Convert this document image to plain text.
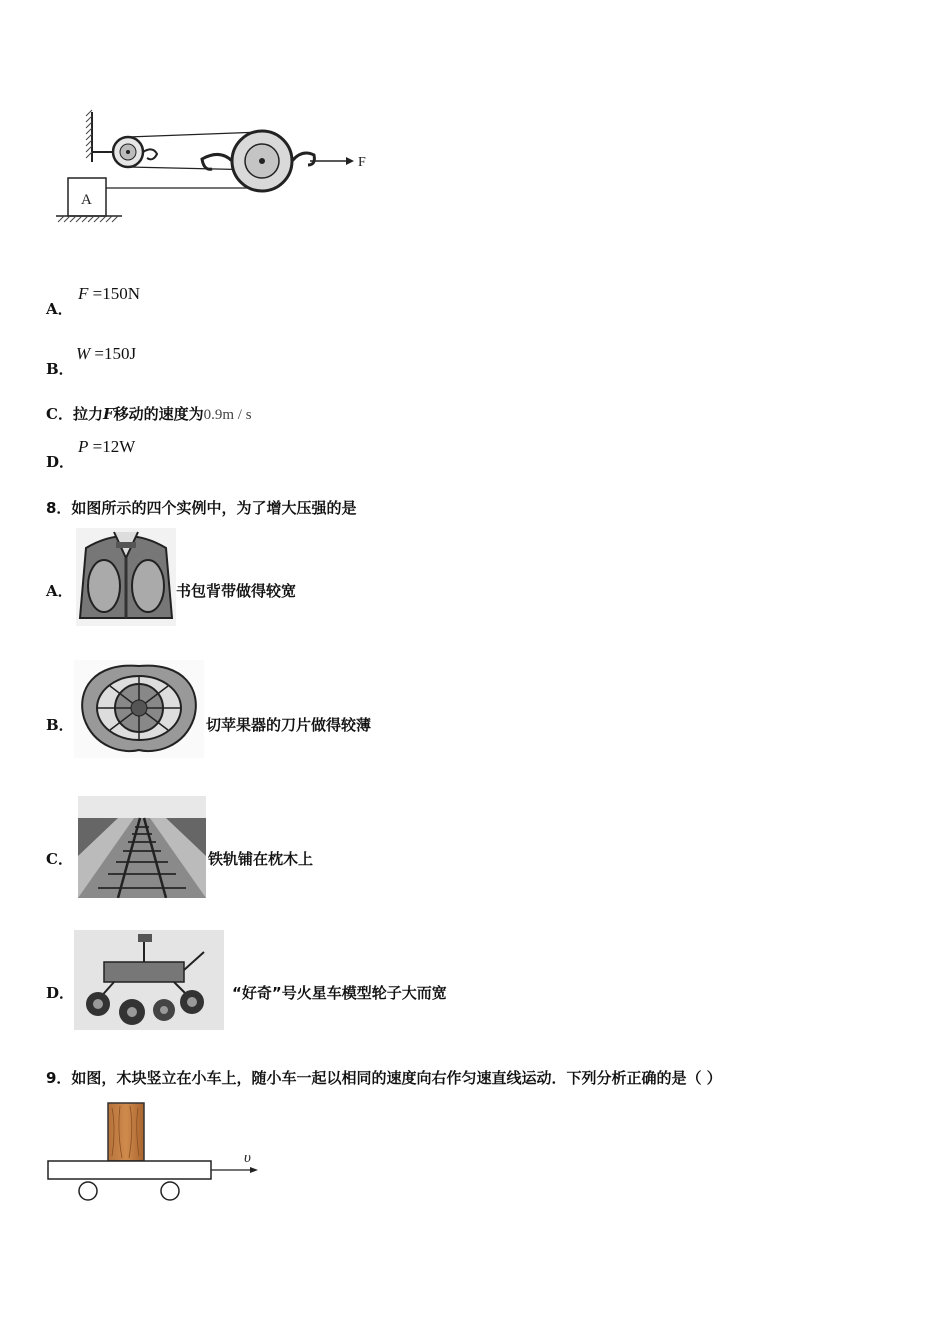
F
A
A．
F =150N
B．
W =150J
C．拉力F移动的速度为0.9m / s
D．
P =12W
8．如图所示的四个实例中，为了增大压强的是
A．	书包背带做得较宽
B．	切苹果器的刀片做得较薄
C．	铁轨铺在枕木上
D．	“好奇”号火星车模型轮子大而宽
9．如图，木块竖立在小车上，随小车一起以相同的速度向右作匀速直线运动．下列分析正确的是（ ）
υ
